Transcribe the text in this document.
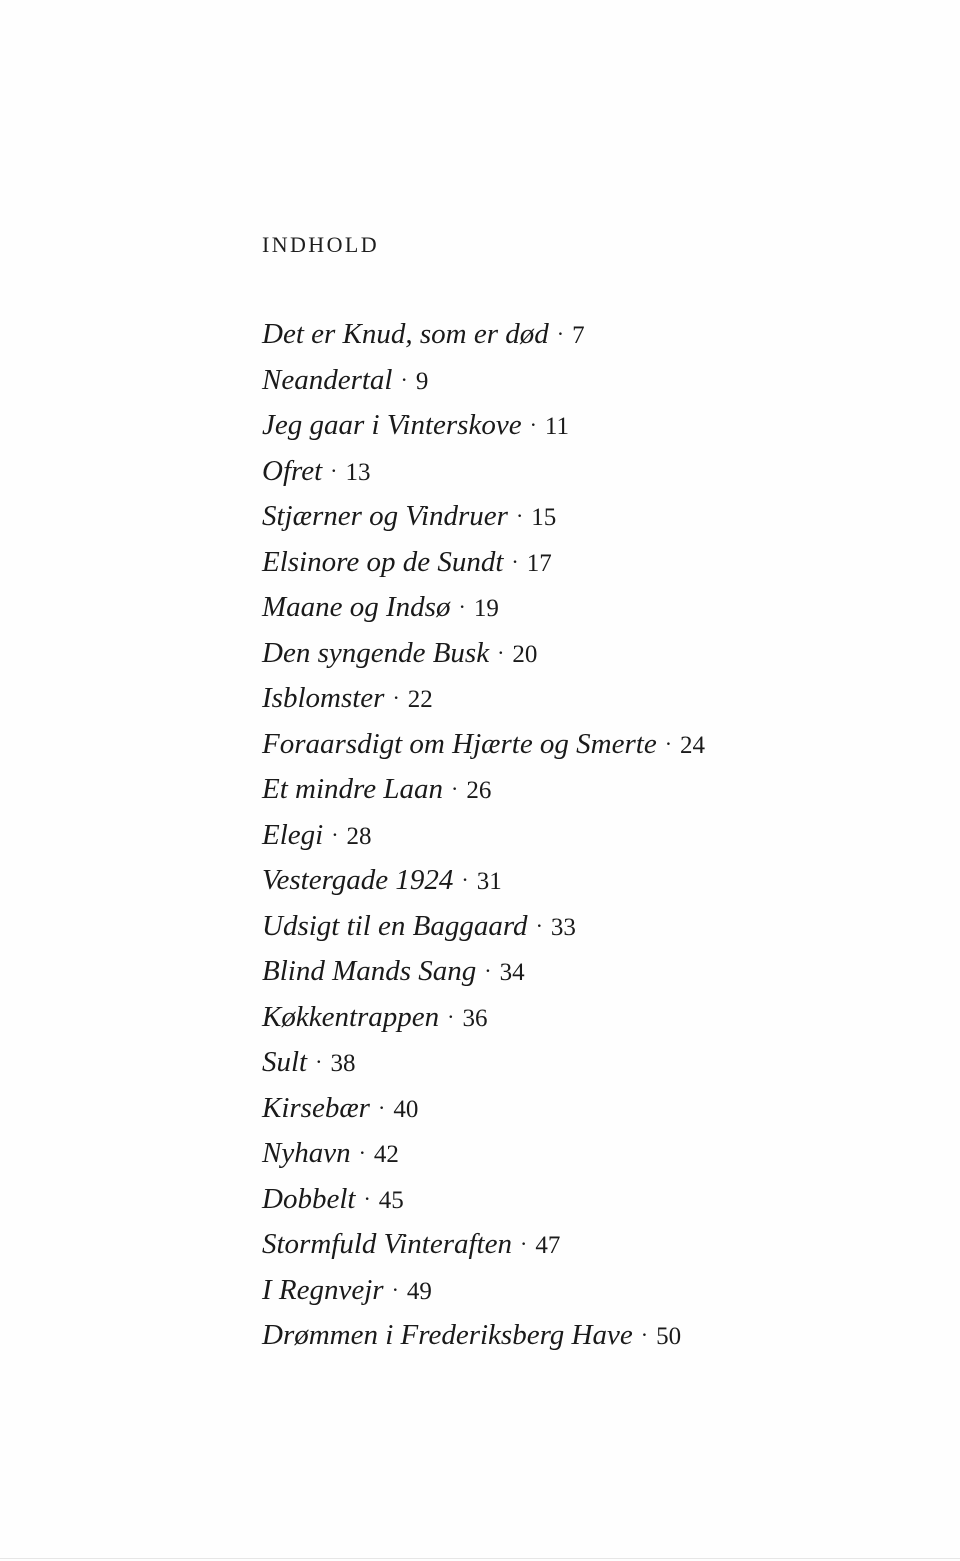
INDHOLD
Det er Knud, som er død · 7
Neandertal · 9
Jeg gaar i Vinterskove · 11
Ofret · 13
Stjærner og Vindruer · 15
Elsinore op de Sundt · 17
Maane og Indsø · 19
Den syngende Busk · 20
Isblomster · 22
Foraarsdigt om Hjærte og Smerte · 24
Et mindre Laan · 26
Elegi · 28
Vestergade 1924 · 31
Udsigt til en Baggaard · 33
Blind Mands Sang · 34
Køkkentrappen · 36
Sult · 38
Kirsebær · 40
Nyhavn · 42
Dobbelt · 45
Stormfuld Vinteraften · 47
I Regnvejr · 49
Drømmen i Frederiksberg Have · 50
